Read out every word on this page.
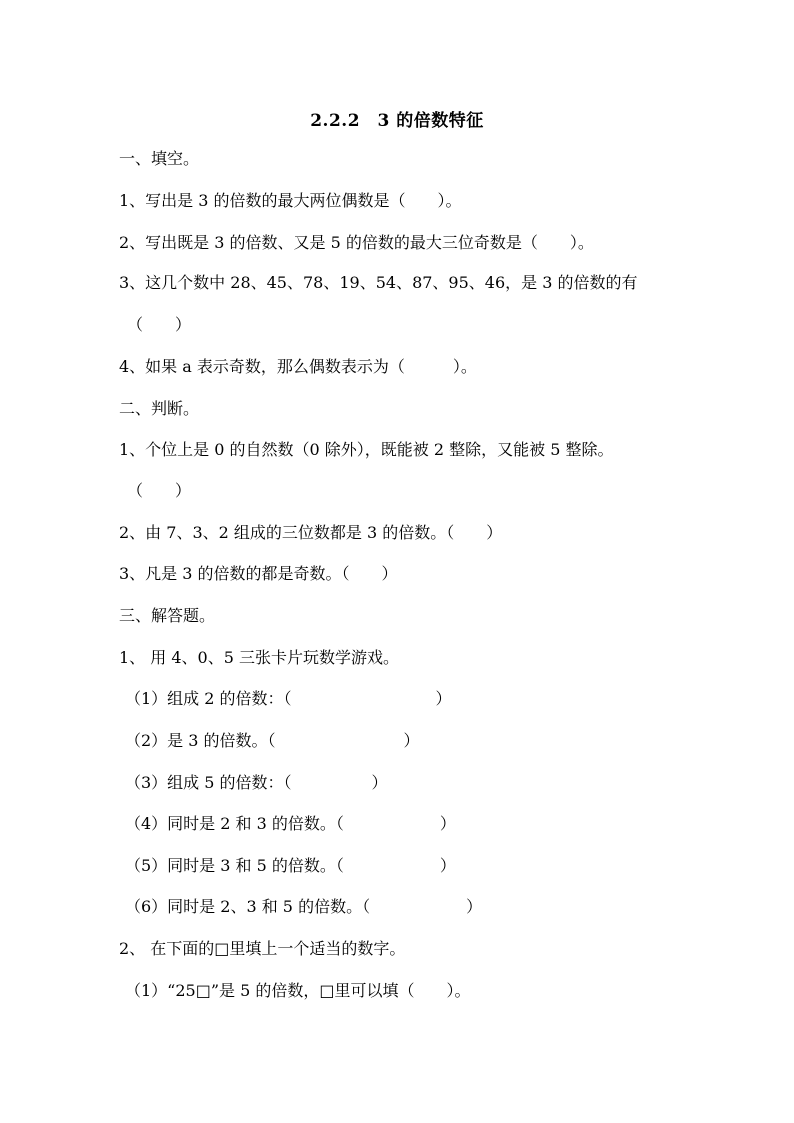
2.2.2　3 的倍数特征
一、填空。
1、写出是 3 的倍数的最大两位偶数是（　　）。
2、写出既是 3 的倍数、又是 5 的倍数的最大三位奇数是（　　）。
3、这几个数中 28、45、78、19、54、87、95、46，是 3 的倍数的有
（　　）
4、如果 a 表示奇数，那么偶数表示为（　　　）。
二、判断。
1、个位上是 0 的自然数（0 除外），既能被 2 整除，又能被 5 整除。
（　　）
2、由 7、3、2 组成的三位数都是 3 的倍数。（　　）
3、凡是 3 的倍数的都是奇数。（　　）
三、解答题。
1、 用 4、0、5 三张卡片玩数学游戏。
（1）组成 2 的倍数：（　　　　　　　　　）
（2）是 3 的倍数。（　　　　　　　　）
（3）组成 5 的倍数：（　　　　　）
（4）同时是 2 和 3 的倍数。（　　　　　　）
（5）同时是 3 和 5 的倍数。（　　　　　　）
（6）同时是 2、3 和 5 的倍数。（　　　　　　）
2、 在下面的□里填上一个适当的数字。
（1）“25□”是 5 的倍数，□里可以填（　　）。
